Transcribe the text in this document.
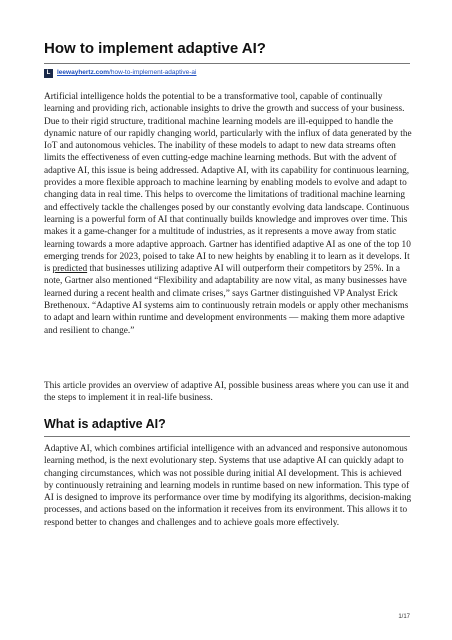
How to implement adaptive AI?
L	leewayhertz.com /how-to-implement-adaptive-ai

Artificial intelligence holds the potential to be a transformative tool, capable of continually learning and providing rich, actionable insights to drive the growth and success of your business. Due to their rigid structure, traditional machine learning models are ill-equipped to handle the dynamic nature of our rapidly changing world, particularly with the influx of data generated by the IoT and autonomous vehicles. The inability of these models to adapt to new data streams often limits the effectiveness of even cutting-edge machine learning methods. But with the advent of adaptive AI, this issue is being addressed. Adaptive AI, with its capability for continuous learning, provides a more flexible approach to machine learning by enabling models to evolve and adapt to changing data in real time. This helps to overcome the limitations of traditional machine learning and effectively tackle the challenges posed by our constantly evolving data landscape. Continuous learning is a powerful form of AI that continually builds knowledge and improves over time. This makes it a game-changer for a multitude of industries, as it represents a move away from static learning towards a more adaptive approach. Gartner has identified adaptive AI as one of the top 10 emerging trends for 2023, poised to take AI to new heights by enabling it to learn as it develops. It is predicted that businesses utilizing adaptive AI will outperform their competitors by 25%. In a note, Gartner also mentioned “Flexibility and adaptability are now vital, as many businesses have learned during a recent health and climate crises,” says Gartner distinguished VP Analyst Erick Brethenoux. “Adaptive AI systems aim to continuously retrain models or apply other mechanisms to adapt and learn within runtime and development environments — making them more adaptive and resilient to change.”

This article provides an overview of adaptive AI, possible business areas where you can use it and the steps to implement it in real-life business.

What is adaptive AI?

Adaptive AI, which combines artificial intelligence with an advanced and responsive autonomous learning method, is the next evolutionary step. Systems that use adaptive AI can quickly adapt to changing circumstances, which was not possible during initial AI development. This is achieved by continuously retraining and learning models in runtime based on new information. This type of AI is designed to improve its performance over time by modifying its algorithms, decision-making processes, and actions based on the information it receives from its environment. This allows it to respond better to changes and challenges and to achieve goals more effectively.

1/17
